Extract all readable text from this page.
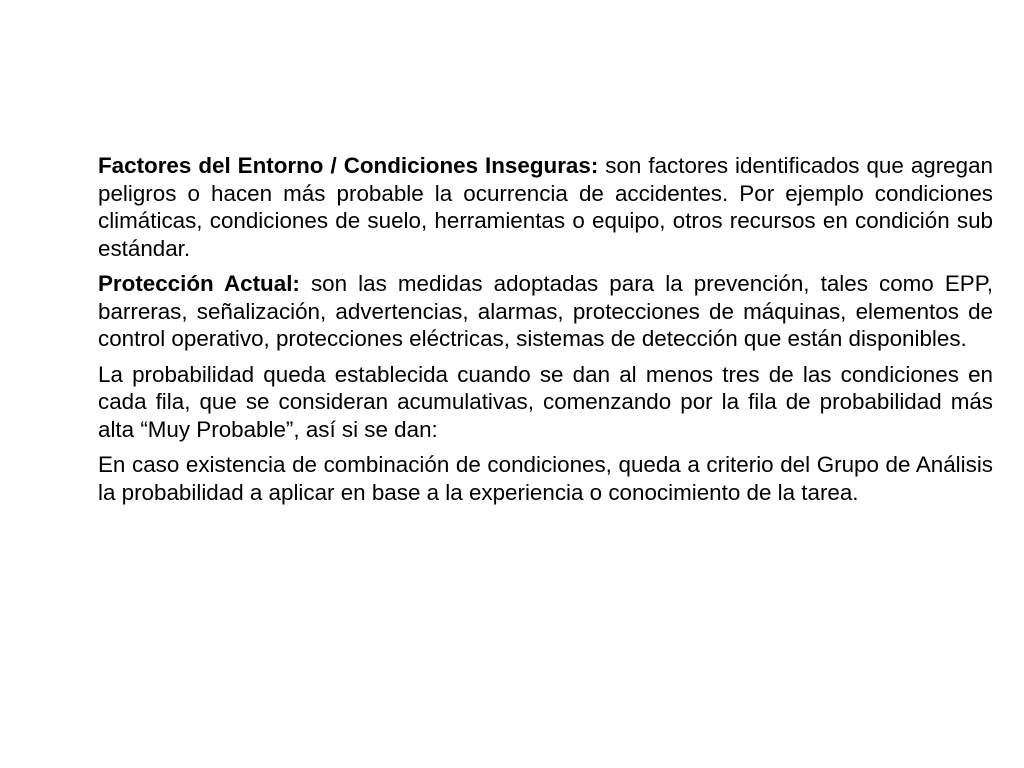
Factores del Entorno / Condiciones Inseguras: son factores identificados que agregan peligros o hacen más probable la ocurrencia de accidentes. Por ejemplo condiciones climáticas, condiciones de suelo, herramientas o equipo, otros recursos en condición sub estándar.

Protección Actual: son las medidas adoptadas para la prevención, tales como EPP, barreras, señalización, advertencias, alarmas, protecciones de máquinas, elementos de control operativo, protecciones eléctricas, sistemas de detección que están disponibles.

La probabilidad queda establecida cuando se dan al menos tres de las condiciones en cada fila, que se consideran acumulativas, comenzando por la fila de probabilidad más alta “Muy Probable”, así si se dan:

En caso existencia de combinación de condiciones, queda a criterio del Grupo de Análisis la probabilidad a aplicar en base a la experiencia o conocimiento de la tarea.
